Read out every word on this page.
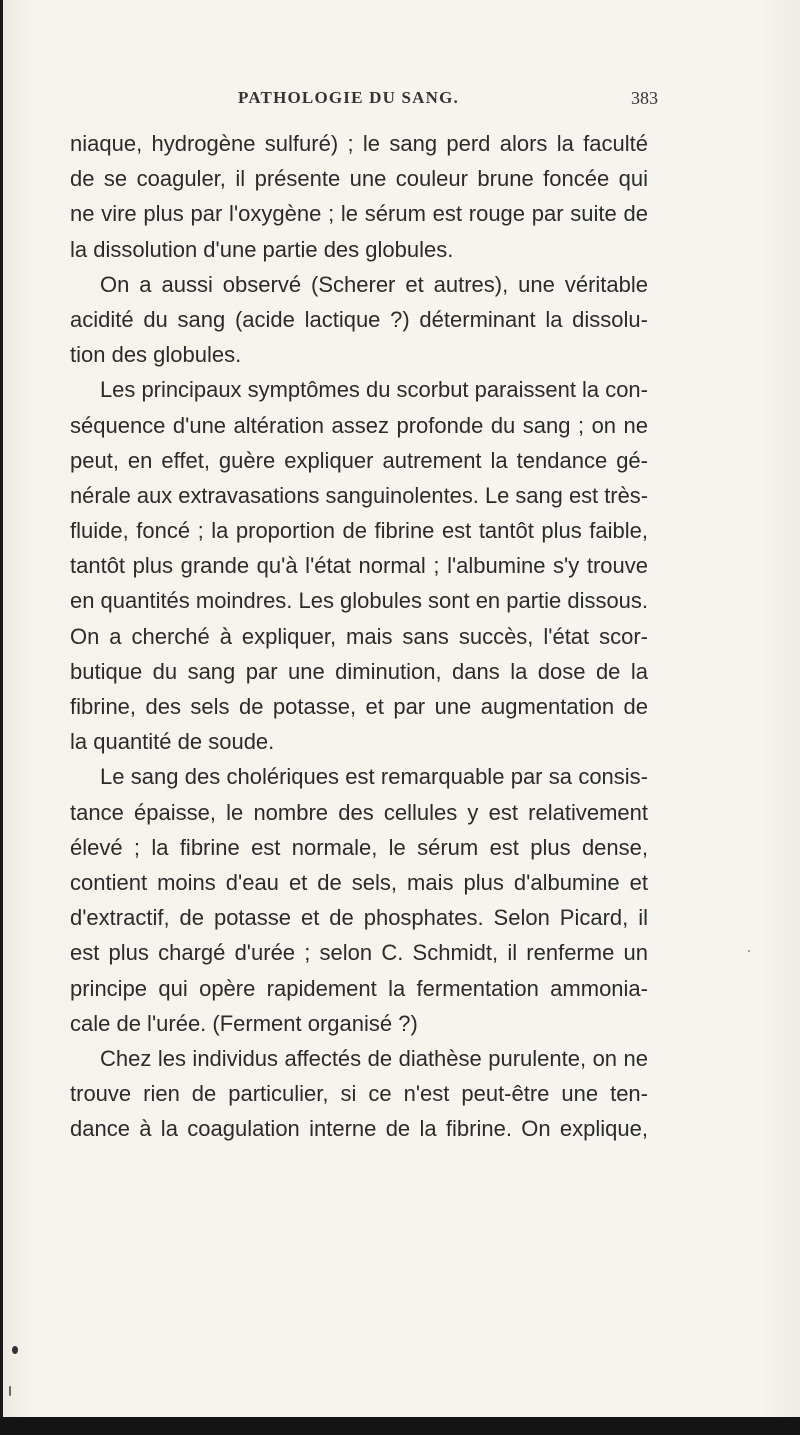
PATHOLOGIE DU SANG.	383
niaque, hydrogène sulfuré) ; le sang perd alors la faculté
de se coaguler, il présente une couleur brune foncée qui
ne vire plus par l'oxygène ; le sérum est rouge par suite de
la dissolution d'une partie des globules.
On a aussi observé (Scherer et autres), une véritable
acidité du sang (acide lactique ?) déterminant la dissolu-
tion des globules.
Les principaux symptômes du scorbut paraissent la con-
séquence d'une altération assez profonde du sang ; on ne
peut, en effet, guère expliquer autrement la tendance gé-
nérale aux extravasations sanguinolentes. Le sang est très-
fluide, foncé ; la proportion de fibrine est tantôt plus faible,
tantôt plus grande qu'à l'état normal ; l'albumine s'y trouve
en quantités moindres. Les globules sont en partie dissous.
On a cherché à expliquer, mais sans succès, l'état scor-
butique du sang par une diminution, dans la dose de la
fibrine, des sels de potasse, et par une augmentation de
la quantité de soude.
Le sang des cholériques est remarquable par sa consis-
tance épaisse, le nombre des cellules y est relativement
élevé ; la fibrine est normale, le sérum est plus dense,
contient moins d'eau et de sels, mais plus d'albumine et
d'extractif, de potasse et de phosphates. Selon Picard, il
est plus chargé d'urée ; selon C. Schmidt, il renferme un
principe qui opère rapidement la fermentation ammonia-
cale de l'urée. (Ferment organisé ?)
Chez les individus affectés de diathèse purulente, on ne
trouve rien de particulier, si ce n'est peut-être une ten-
dance à la coagulation interne de la fibrine. On explique,
